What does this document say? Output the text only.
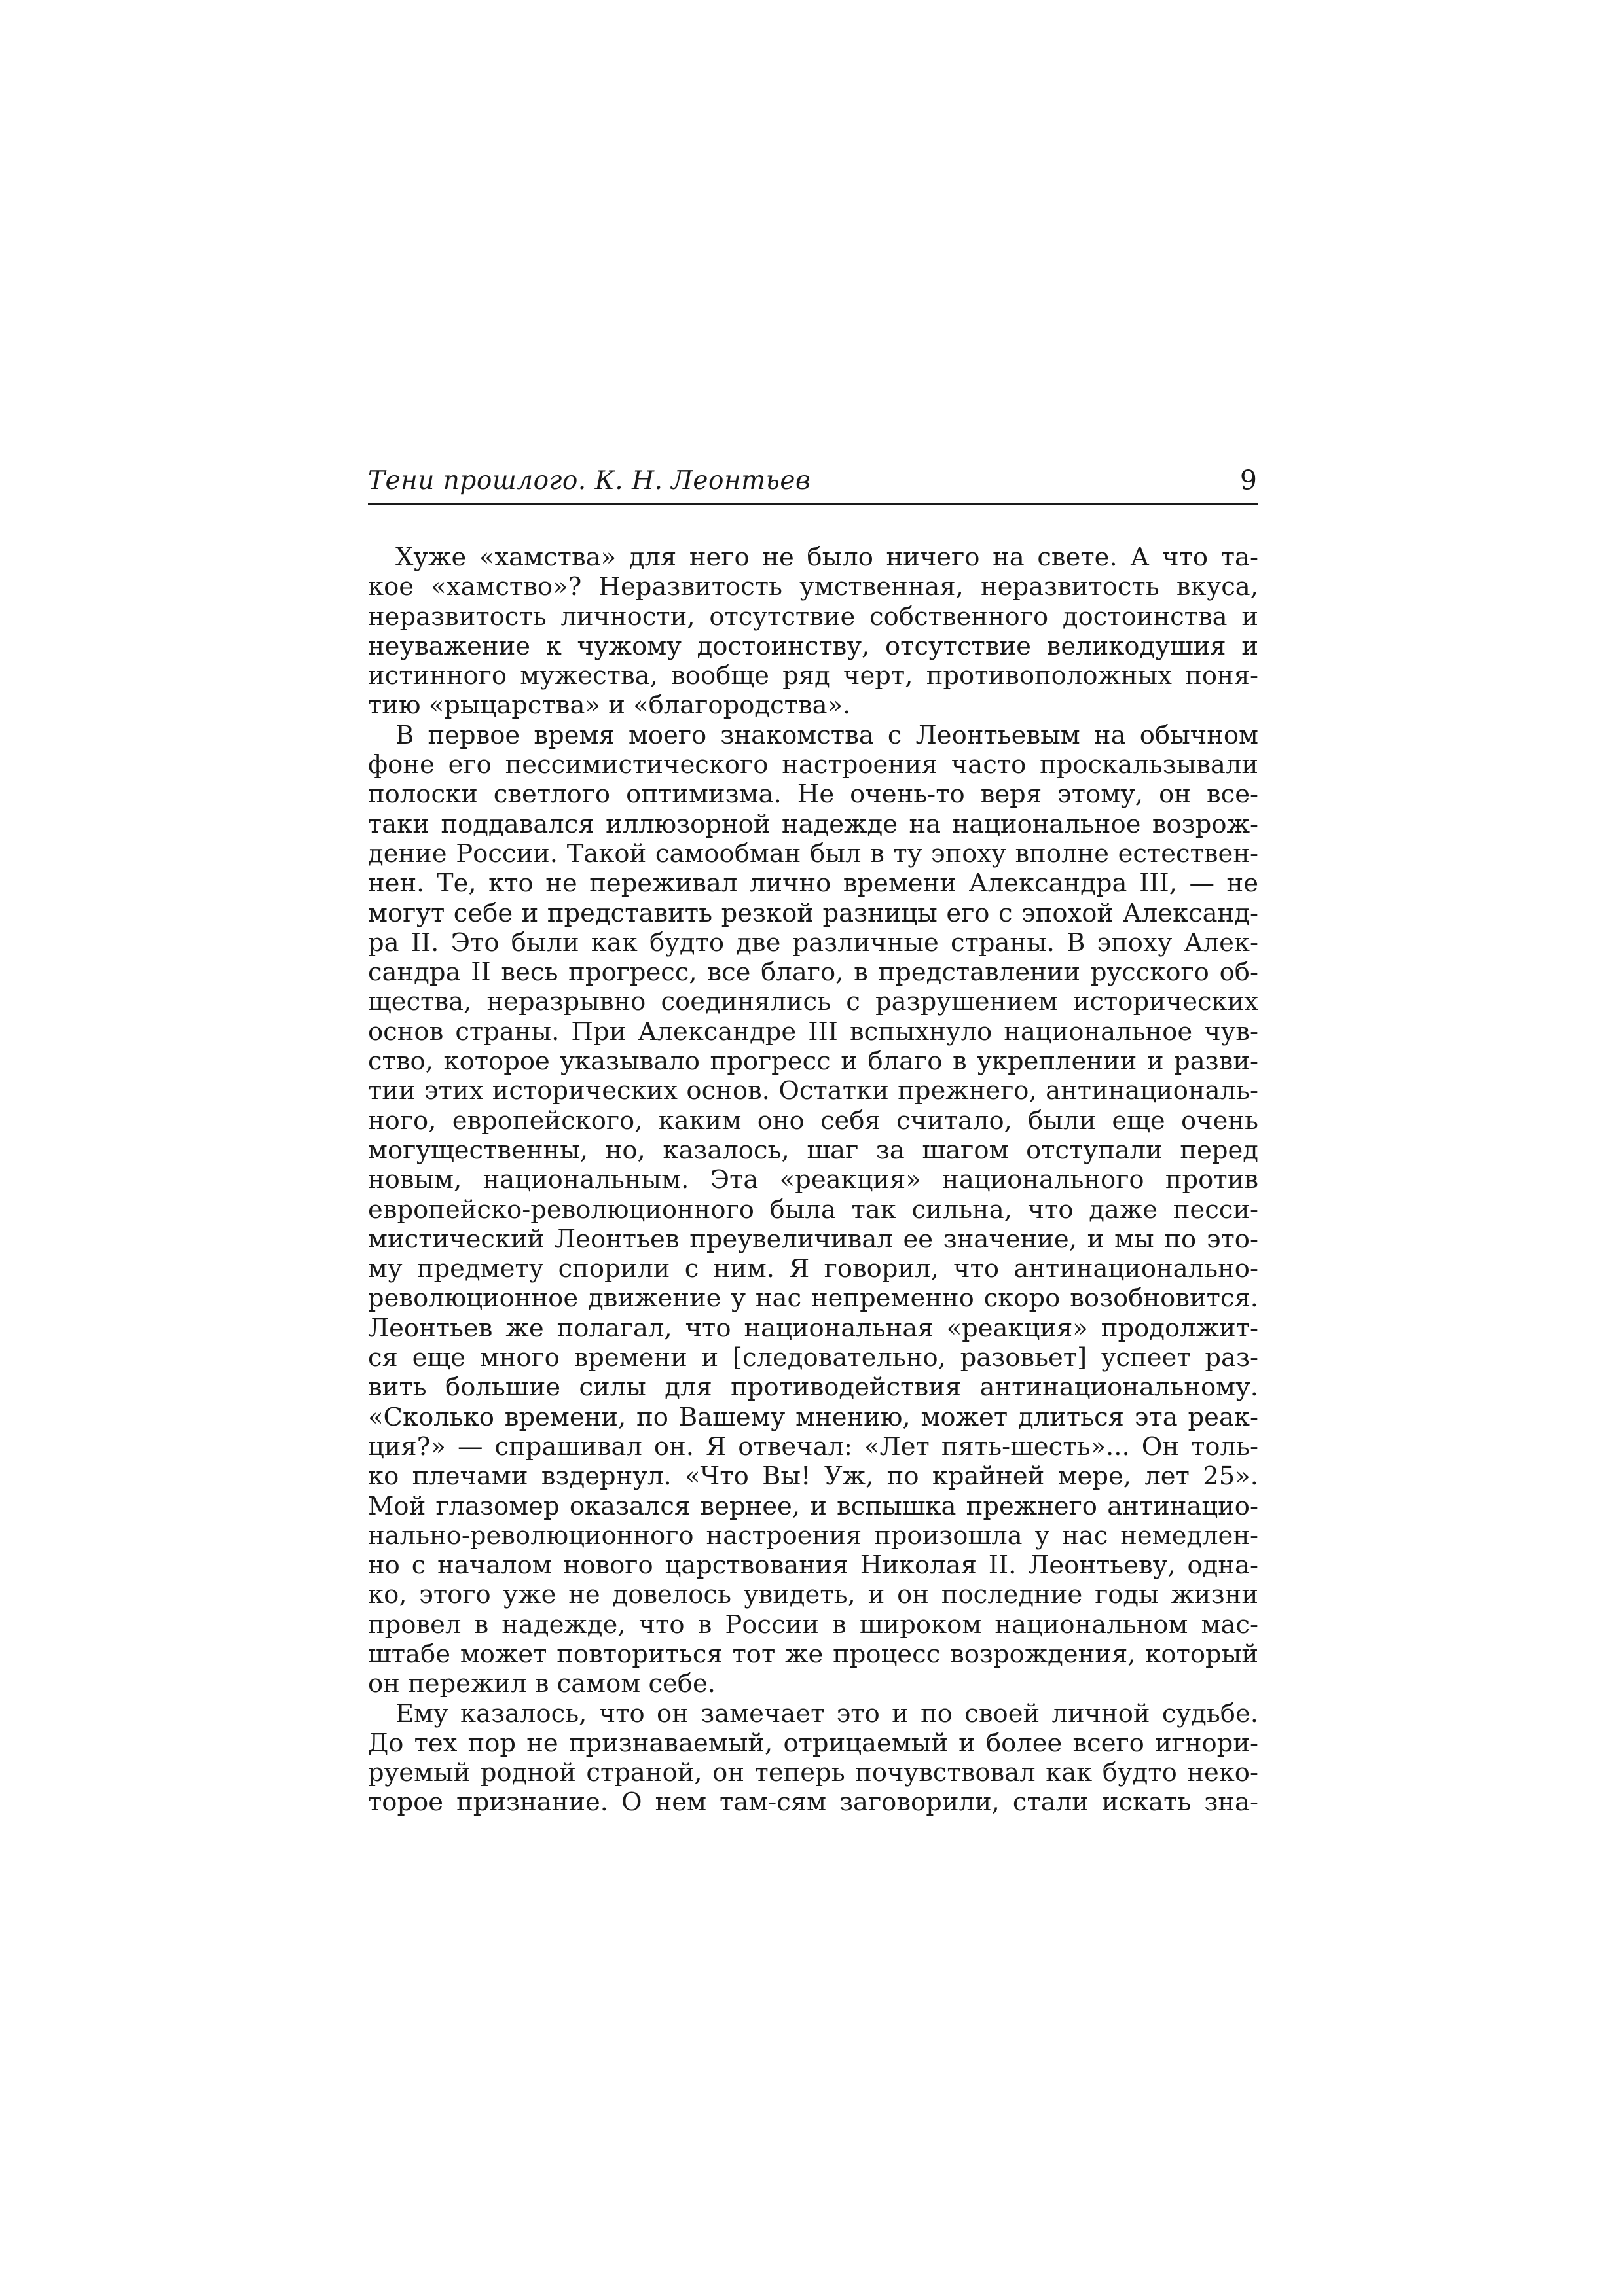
Тени прошлого. К. Н. Леонтьев	9
Хуже «хамства» для него не было ничего на свете. А что та-
кое «хамство»? Неразвитость умственная, неразвитость вкуса,
неразвитость личности, отсутствие собственного достоинства и
неуважение к чужому достоинству, отсутствие великодушия и
истинного мужества, вообще ряд черт, противоположных поня-
тию «рыцарства» и «благородства».
В первое время моего знакомства с Леонтьевым на обычном
фоне его пессимистического настроения часто проскальзывали
полоски светлого оптимизма. Не очень-то веря этому, он все-
таки поддавался иллюзорной надежде на национальное возрож-
дение России. Такой самообман был в ту эпоху вполне естествен-
нен. Те, кто не переживал лично времени Александра III, — не
могут себе и представить резкой разницы его с эпохой Александ-
ра II. Это были как будто две различные страны. В эпоху Алек-
сандра II весь прогресс, все благо, в представлении русского об-
щества, неразрывно соединялись с разрушением исторических
основ страны. При Александре III вспыхнуло национальное чув-
ство, которое указывало прогресс и благо в укреплении и разви-
тии этих исторических основ. Остатки прежнего, антинациональ-
ного, европейского, каким оно себя считало, были еще очень
могущественны, но, казалось, шаг за шагом отступали перед
новым, национальным. Эта «реакция» национального против
европейско-революционного была так сильна, что даже песси-
мистический Леонтьев преувеличивал ее значение, и мы по это-
му предмету спорили с ним. Я говорил, что антинационально-
революционное движение у нас непременно скоро возобновится.
Леонтьев же полагал, что национальная «реакция» продолжит-
ся еще много времени и [следовательно, разовьет] успеет раз-
вить большие силы для противодействия антинациональному.
«Сколько времени, по Вашему мнению, может длиться эта реак-
ция?» — спрашивал он. Я отвечал: «Лет пять-шесть»... Он толь-
ко плечами вздернул. «Что Вы! Уж, по крайней мере, лет 25».
Мой глазомер оказался вернее, и вспышка прежнего антинацио-
нально-революционного настроения произошла у нас немедлен-
но с началом нового царствования Николая II. Леонтьеву, одна-
ко, этого уже не довелось увидеть, и он последние годы жизни
провел в надежде, что в России в широком национальном мас-
штабе может повториться тот же процесс возрождения, который
он пережил в самом себе.
Ему казалось, что он замечает это и по своей личной судьбе.
До тех пор не признаваемый, отрицаемый и более всего игнори-
руемый родной страной, он теперь почувствовал как будто неко-
торое признание. О нем там-сям заговорили, стали искать зна-
